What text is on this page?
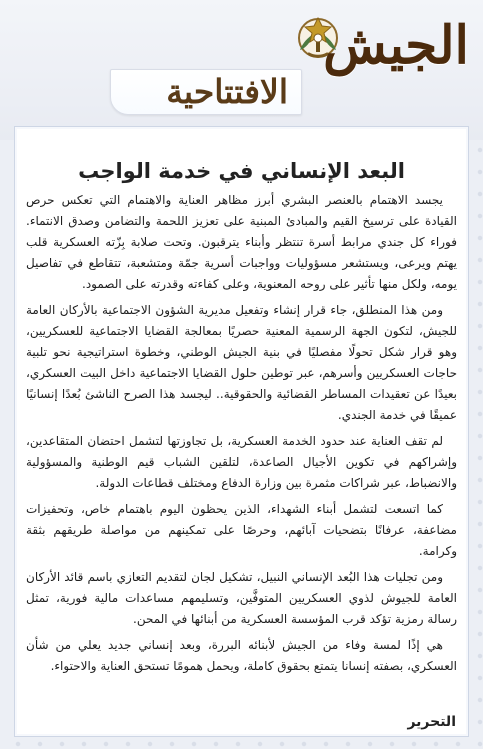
الجيش
الافتتاحية
البعد الإنساني في خدمة الواجب

يجسد الاهتمام بالعنصر البشري أبرز مظاهر العناية والاهتمام التي تعكس حرص القيادة على ترسيخ القيم والمبادئ المبنية على تعزيز اللحمة والتضامن وصدق الانتماء. فوراء كل جندي مرابط أسرة تنتظر وأبناء يترقبون. وتحت صلابة بِزّته العسكرية قلب يهتم ويرعى، ويستشعر مسؤوليات وواجبات أسرية جمّة ومتشعبة، تتقاطع في تفاصيل يومه، ولكل منها تأثير على روحه المعنوية، وعلى كفاءته وقدرته على الصمود.

ومن هذا المنطلق، جاء قرار إنشاء وتفعيل مديرية الشؤون الاجتماعية بالأركان العامة للجيش، لتكون الجهة الرسمية المعنية حصريًا بمعالجة القضايا الاجتماعية للعسكريين، وهو قرار شكل تحولًا مفصليًا في بنية الجيش الوطني، وخطوة استراتيجية نحو تلبية حاجات العسكريين وأسرهم، عبر توطين حلول القضايا الاجتماعية داخل البيت العسكري، بعيدًا عن تعقيدات المساطر القضائية والحقوقية.. ليجسد هذا الصرح الناشئ بُعدًا إنسانيًا عميقًا في خدمة الجندي.

لم تقف العناية عند حدود الخدمة العسكرية، بل تجاوزتها لتشمل احتضان المتقاعدين، وإشراكهم في تكوين الأجيال الصاعدة، لتلقين الشباب قيم الوطنية والمسؤولية والانضباط، عبر شراكات مثمرة بين وزارة الدفاع ومختلف قطاعات الدولة.

كما اتسعت لتشمل أبناء الشهداء، الذين يحظون اليوم باهتمام خاص، وتحفيزات مضاعفة، عرفانًا بتضحيات آبائهم، وحرصًا على تمكينهم من مواصلة طريقهم بثقة وكرامة.

ومن تجليات هذا البُعد الإنساني النبيل، تشكيل لجان لتقديم التعازي باسم قائد الأركان العامة للجيوش لذوي العسكريين المتوفَّين، وتسليمهم مساعدات مالية فورية، تمثل رسالة رمزية تؤكد قرب المؤسسة العسكرية من أبنائها في المحن.

هي إذًا لمسة وفاء من الجيش لأبنائه البررة، وبعد إنساني جديد يعلي من شأن العسكري، بصفته إنسانا يتمتع بحقوق كاملة، ويحمل همومًا تستحق العناية والاحتواء.

التحرير
